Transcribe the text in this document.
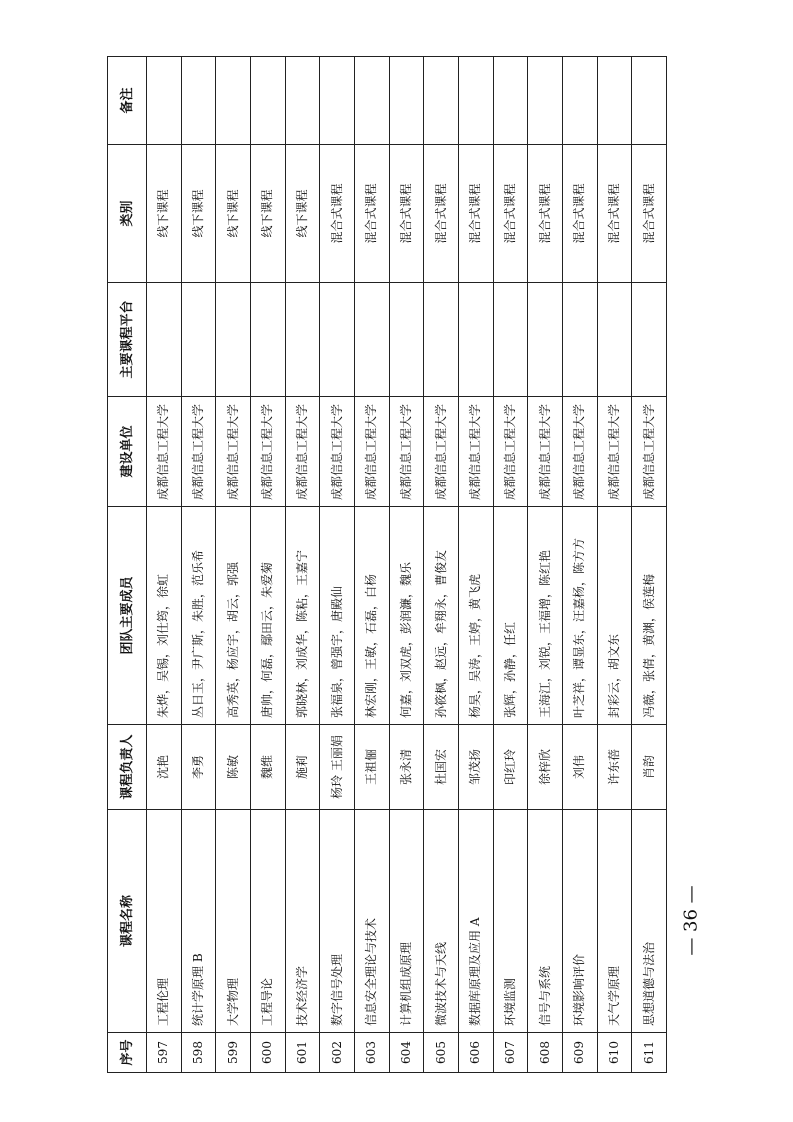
序号	课程名称	课程负责人	团队主要成员	建设单位	主要课程平台	类别	备注
597	工程伦理	沈艳	朱烨，吴锡，刘仕筠，徐虹	成都信息工程大学		线下课程	
598	统计学原理 B	李勇	丛日玉，尹广斯，朱胜，范乐希	成都信息工程大学		线下课程	
599	大学物理	陈敏	高秀英，杨应宇，胡云，郭强	成都信息工程大学		线下课程	
600	工程导论	魏维	唐帅，何磊，鄢田云，朱爱菊	成都信息工程大学		线下课程	
601	技术经济学	施莉	郭晓林，刘成华，陈粘，王嘉宁	成都信息工程大学		线下课程	
602	数字信号处理	杨玲 王丽娟	张福泉，曾强宇，唐殿仙	成都信息工程大学		混合式课程	
603	信息安全理论与技术	王祖俪	林宏刚，王敏，石磊，白杨	成都信息工程大学		混合式课程	
604	计算机组成原理	张永清	何嘉，刘双虎，彭润濂，魏乐	成都信息工程大学		混合式课程	
605	微波技术与天线	杜国宏	孙筱枫，赵远，牟翔永，曹俊友	成都信息工程大学		混合式课程	
606	数据库原理及应用 A	邹茂扬	杨昊，吴涛，王婷，黄飞虎	成都信息工程大学		混合式课程	
607	环境监测	印红玲	张辉，孙静，任红	成都信息工程大学		混合式课程	
608	信号与系统	徐梓欣	王海江，刘锐，王福增，陈红艳	成都信息工程大学		混合式课程	
609	环境影响评价	刘伟	叶芝祥，谭显东，汪嘉杨，陈方方	成都信息工程大学		混合式课程	
610	天气学原理	许东蓓	封彩云，胡文东	成都信息工程大学		混合式课程	
611	思想道德与法治	肖韵	冯薇，张倩，黄渊，侯莲梅	成都信息工程大学		混合式课程	
— 36 —
